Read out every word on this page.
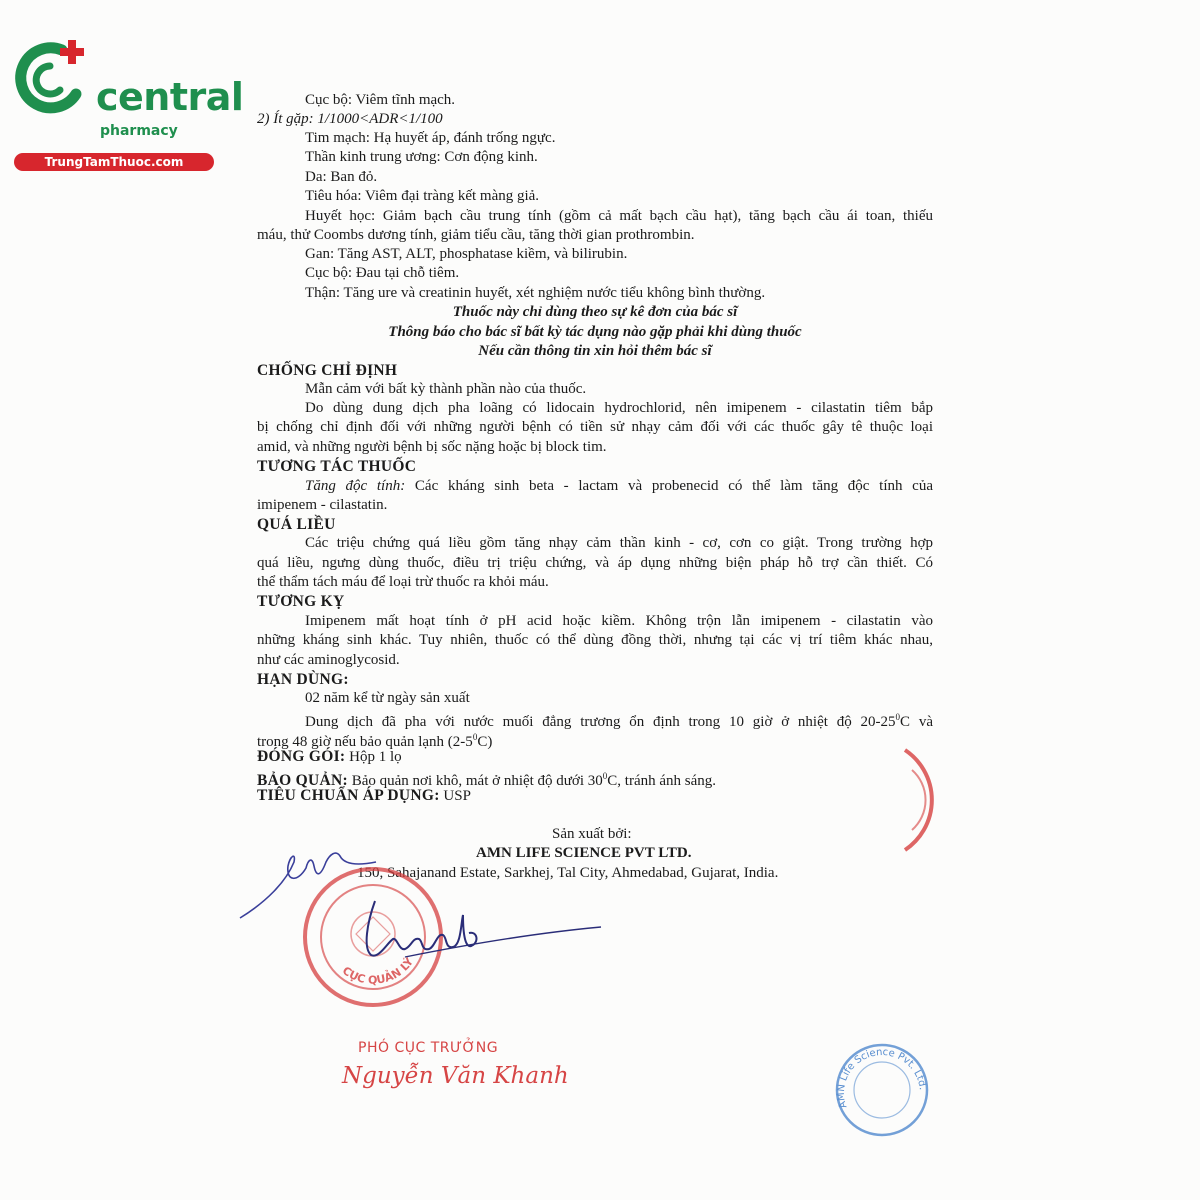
central
pharmacy
TrungTamThuoc.com
Cục bộ: Viêm tĩnh mạch.
2) Ít gặp: 1/1000<ADR<1/100
Tim mạch: Hạ huyết áp, đánh trống ngực.
Thần kinh trung ương: Cơn động kinh.
Da: Ban đỏ.
Tiêu hóa: Viêm đại tràng kết màng giả.
Huyết học: Giảm bạch cầu trung tính (gồm cả mất bạch cầu hạt), tăng bạch cầu ái toan, thiếu
máu, thử Coombs dương tính, giảm tiểu cầu, tăng thời gian prothrombin.
Gan: Tăng AST, ALT, phosphatase kiềm, và bilirubin.
Cục bộ: Đau tại chỗ tiêm.
Thận: Tăng ure và creatinin huyết, xét nghiệm nước tiểu không bình thường.
Thuốc này chỉ dùng theo sự kê đơn của bác sĩ
Thông báo cho bác sĩ bất kỳ tác dụng nào gặp phải khi dùng thuốc
Nếu cần thông tin xin hỏi thêm bác sĩ
CHỐNG CHỈ ĐỊNH
Mẫn cảm với bất kỳ thành phần nào của thuốc.
Do dùng dung dịch pha loãng có lidocain hydrochlorid, nên imipenem - cilastatin tiêm bắp
bị chống chỉ định đối với những người bệnh có tiền sử nhạy cảm đối với các thuốc gây tê thuộc loại
amid, và những người bệnh bị sốc nặng hoặc bị block tim.
TƯƠNG TÁC THUỐC
Tăng độc tính: Các kháng sinh beta - lactam và probenecid có thể làm tăng độc tính của
imipenem - cilastatin.
QUÁ LIỀU
Các triệu chứng quá liều gồm tăng nhạy cảm thần kinh - cơ, cơn co giật. Trong trường hợp
quá liều, ngưng dùng thuốc, điều trị triệu chứng, và áp dụng những biện pháp hỗ trợ cần thiết. Có
thể thẩm tách máu để loại trừ thuốc ra khỏi máu.
TƯƠNG KỴ
Imipenem mất hoạt tính ở pH acid hoặc kiềm. Không trộn lẫn imipenem - cilastatin vào
những kháng sinh khác. Tuy nhiên, thuốc có thể dùng đồng thời, nhưng tại các vị trí tiêm khác nhau,
như các aminoglycosid.
HẠN DÙNG:
02 năm kể từ ngày sản xuất
Dung dịch đã pha với nước muối đẳng trương ổn định trong 10 giờ ở nhiệt độ $20-25^0C$ và
trong 48 giờ nếu bảo quản lạnh $(2-5^0C)$
ĐÓNG GÓI: Hộp 1 lọ
BẢO QUẢN: Bảo quản nơi khô, mát ở nhiệt độ dưới $30^0C$, tránh ánh sáng.
TIÊU CHUẨN ÁP DỤNG: USP
Sản xuất bởi:
AMN LIFE SCIENCE PVT LTD.
150, Sahajanand Estate, Sarkhej, Tal City, Ahmedabad, Gujarat, India.
CỤC QUẢN LÝ
PHÓ CỤC TRƯỞNG
Nguyễn Văn Khanh
AMN Life Science Pvt. Ltd.
